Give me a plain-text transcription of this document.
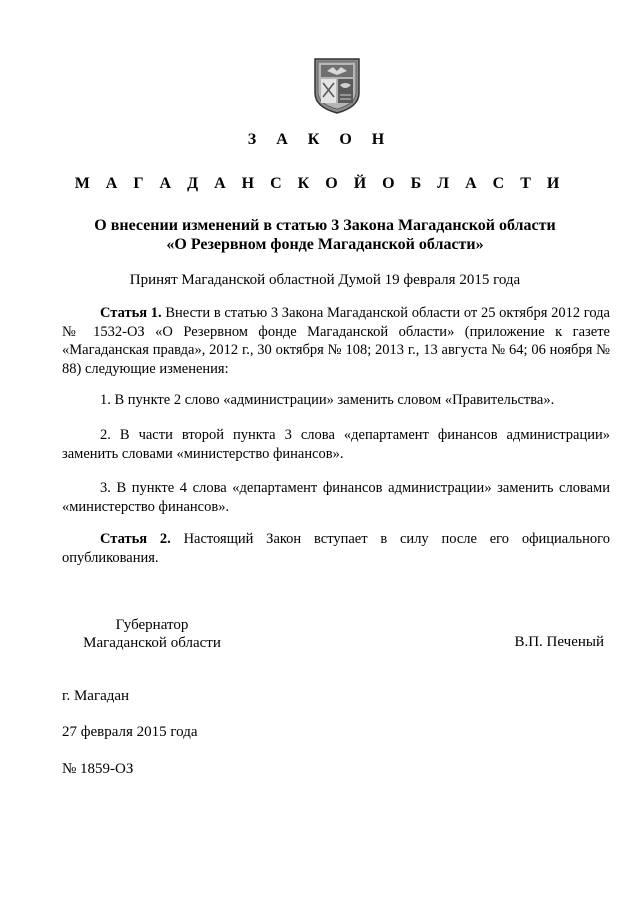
З А К О Н
М А Г А Д А Н С К О Й О Б Л А С Т И
О внесении изменений в статью 3 Закона Магаданской области
«О Резервном фонде Магаданской области»
Принят Магаданской областной Думой 19 февраля 2015 года
Статья 1. Внести в статью 3 Закона Магаданской области от 25 октября 2012 года № 1532-ОЗ «О Резервном фонде Магаданской области» (приложение к газете «Магаданская правда», 2012 г., 30 октября № 108; 2013 г., 13 августа № 64; 06 ноября № 88) следующие изменения:
1. В пункте 2 слово «администрации» заменить словом «Правительства».
2. В части второй пункта 3 слова «департамент финансов администрации» заменить словами «министерство финансов».
3. В пункте 4 слова «департамент финансов администрации» заменить словами «министерство финансов».
Статья 2. Настоящий Закон вступает в силу после его официального опубликования.
Губернатор
Магаданской области	В.П. Печеный
г. Магадан
27 февраля 2015 года
№ 1859-ОЗ
